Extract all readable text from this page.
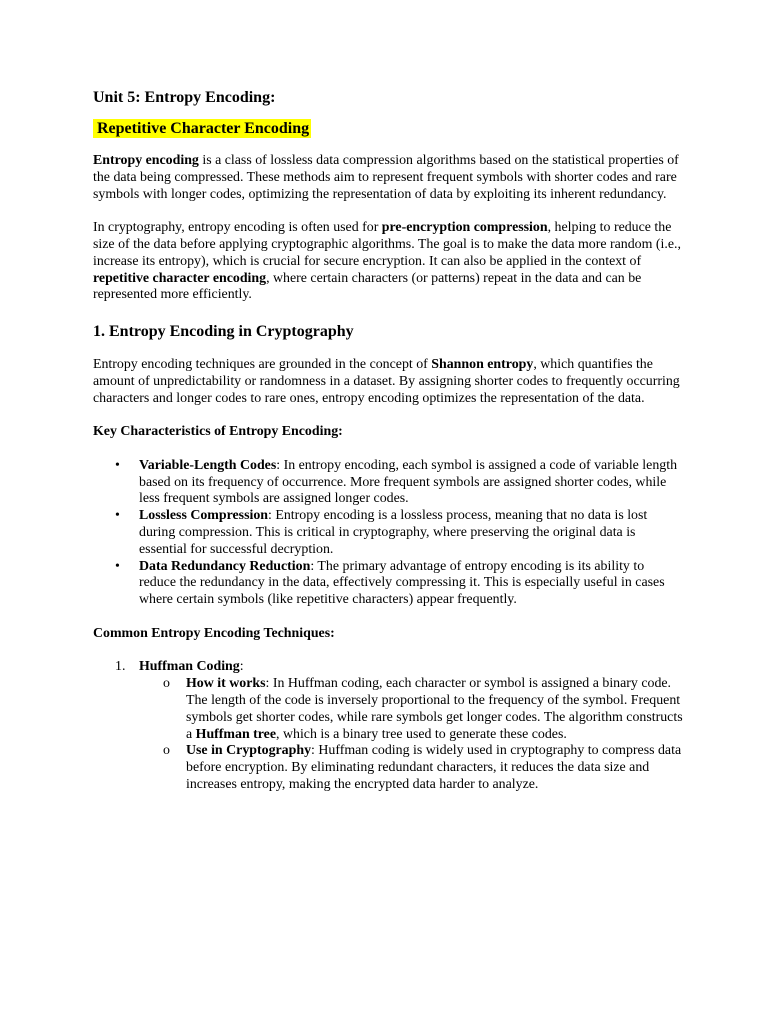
Unit 5: Entropy Encoding:
Repetitive Character Encoding

Entropy encoding is a class of lossless data compression algorithms based on the statistical properties of the data being compressed. These methods aim to represent frequent symbols with shorter codes and rare symbols with longer codes, optimizing the representation of data by exploiting its inherent redundancy.

In cryptography, entropy encoding is often used for pre-encryption compression, helping to reduce the size of the data before applying cryptographic algorithms. The goal is to make the data more random (i.e., increase its entropy), which is crucial for secure encryption. It can also be applied in the context of repetitive character encoding, where certain characters (or patterns) repeat in the data and can be represented more efficiently.

1. Entropy Encoding in Cryptography

Entropy encoding techniques are grounded in the concept of Shannon entropy, which quantifies the amount of unpredictability or randomness in a dataset. By assigning shorter codes to frequently occurring characters and longer codes to rare ones, entropy encoding optimizes the representation of the data.

Key Characteristics of Entropy Encoding:

• Variable-Length Codes: In entropy encoding, each symbol is assigned a code of variable length based on its frequency of occurrence. More frequent symbols are assigned shorter codes, while less frequent symbols are assigned longer codes.
• Lossless Compression: Entropy encoding is a lossless process, meaning that no data is lost during compression. This is critical in cryptography, where preserving the original data is essential for successful decryption.
• Data Redundancy Reduction: The primary advantage of entropy encoding is its ability to reduce the redundancy in the data, effectively compressing it. This is especially useful in cases where certain symbols (like repetitive characters) appear frequently.

Common Entropy Encoding Techniques:

1. Huffman Coding:
o How it works: In Huffman coding, each character or symbol is assigned a binary code. The length of the code is inversely proportional to the frequency of the symbol. Frequent symbols get shorter codes, while rare symbols get longer codes. The algorithm constructs a Huffman tree, which is a binary tree used to generate these codes.
o Use in Cryptography: Huffman coding is widely used in cryptography to compress data before encryption. By eliminating redundant characters, it reduces the data size and increases entropy, making the encrypted data harder to analyze.
